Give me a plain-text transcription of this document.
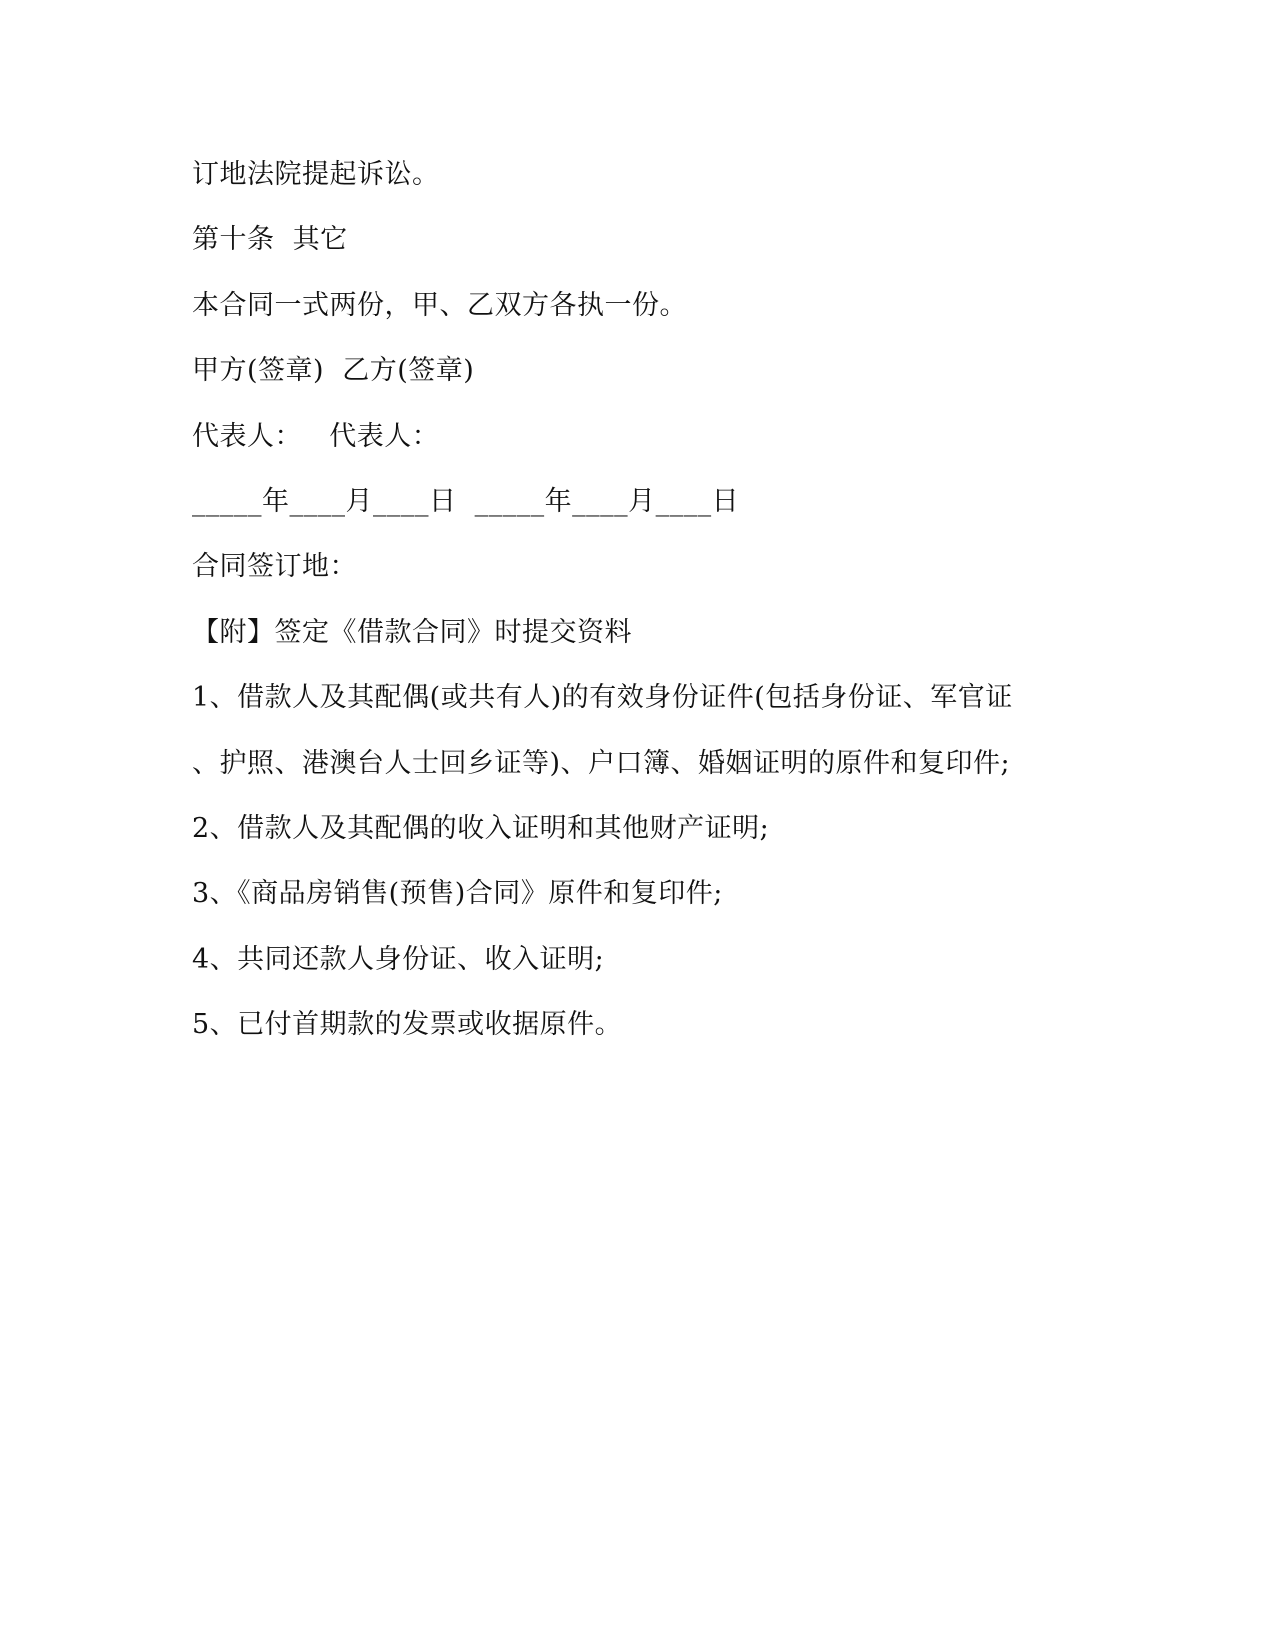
订地法院提起诉讼。
第十条  其它
本合同一式两份，甲、乙双方各执一份。
甲方(签章)  乙方(签章)
代表人：   代表人：
_____年____月____日  _____年____月____日
合同签订地：
【附】签定《借款合同》时提交资料
1、借款人及其配偶(或共有人)的有效身份证件(包括身份证、军官证
、护照、港澳台人士回乡证等)、户口簿、婚姻证明的原件和复印件;
2、借款人及其配偶的收入证明和其他财产证明;
3、《商品房销售(预售)合同》原件和复印件;
4、共同还款人身份证、收入证明;
5、已付首期款的发票或收据原件。
